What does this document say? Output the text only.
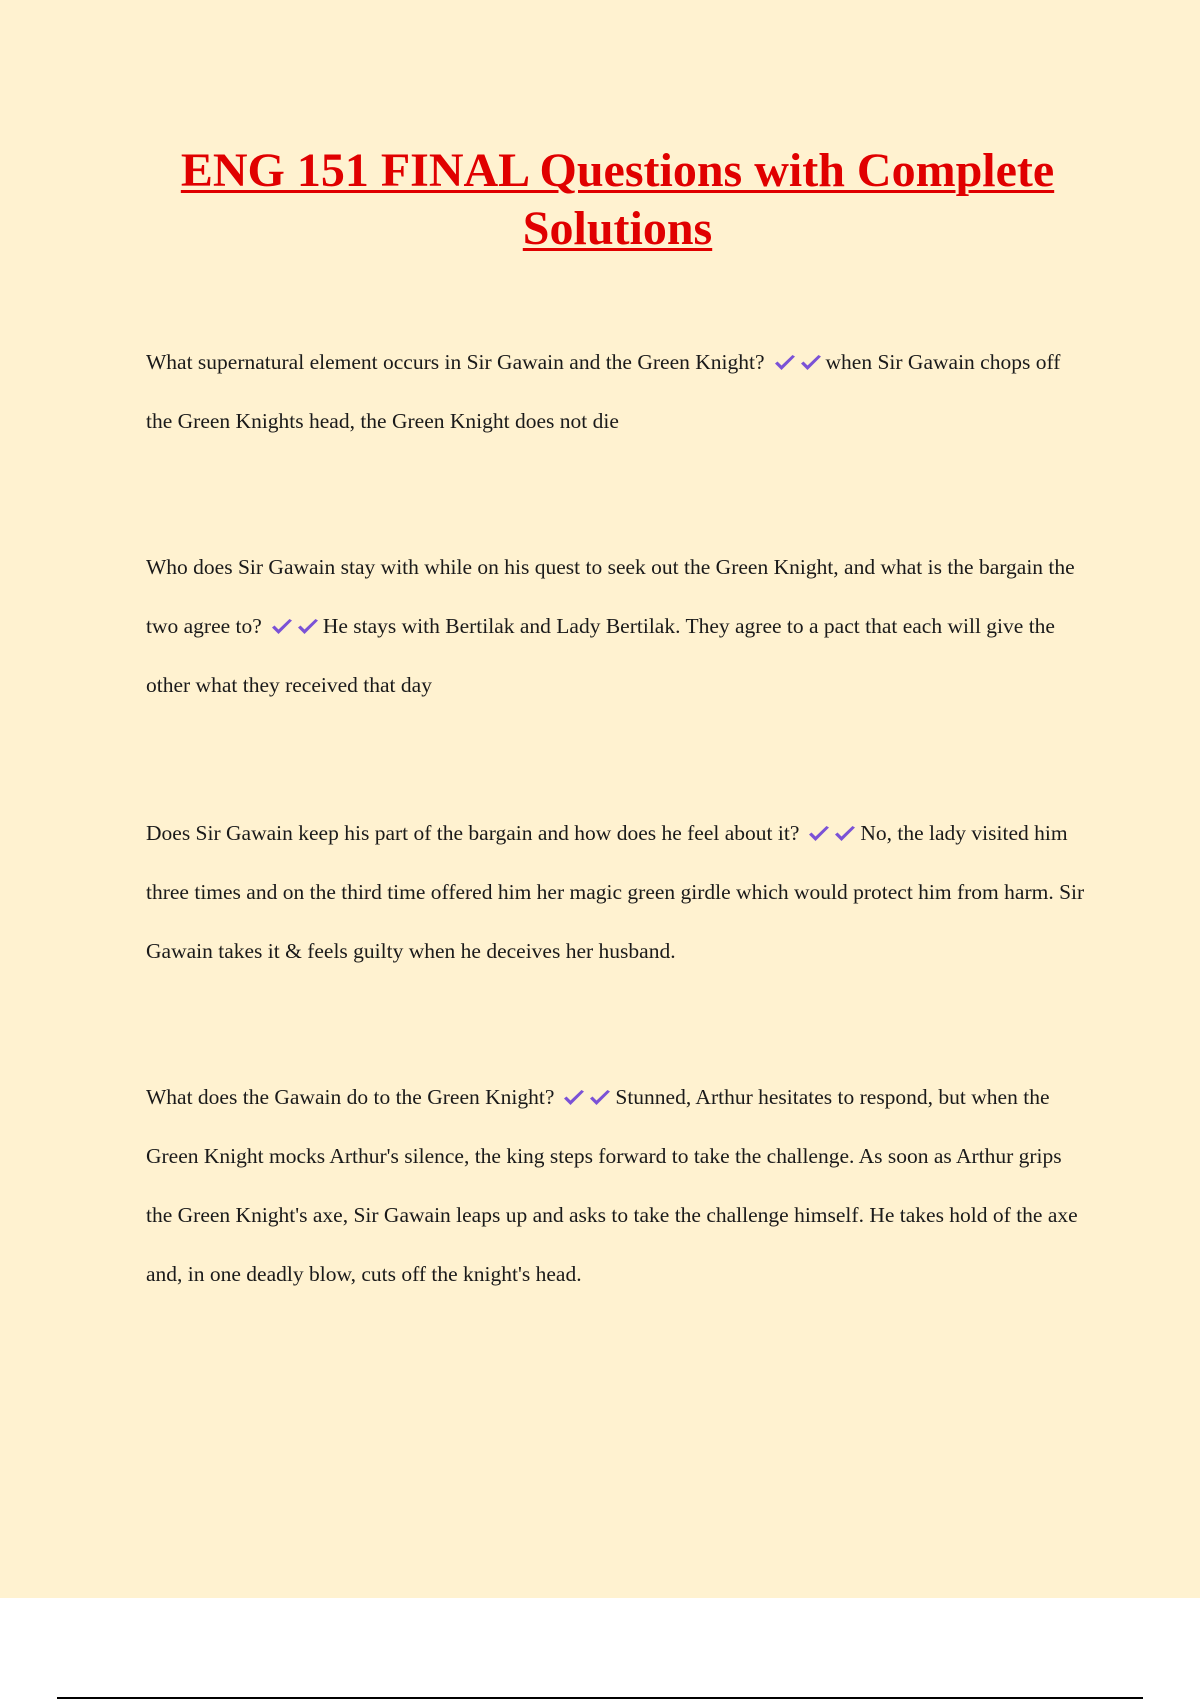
ENG 151 FINAL Questions with Complete Solutions

What supernatural element occurs in Sir Gawain and the Green Knight?	when Sir Gawain chops off the Green Knights head, the Green Knight does not die

Who does Sir Gawain stay with while on his quest to seek out the Green Knight, and what is the bargain the two agree to?	He stays with Bertilak and Lady Bertilak. They agree to a pact that each will give the other what they received that day

Does Sir Gawain keep his part of the bargain and how does he feel about it?	No, the lady visited him three times and on the third time offered him her magic green girdle which would protect him from harm. Sir Gawain takes it & feels guilty when he deceives her husband.

What does the Gawain do to the Green Knight?	Stunned, Arthur hesitates to respond, but when the Green Knight mocks Arthur's silence, the king steps forward to take the challenge. As soon as Arthur grips the Green Knight's axe, Sir Gawain leaps up and asks to take the challenge himself. He takes hold of the axe and, in one deadly blow, cuts off the knight's head.
